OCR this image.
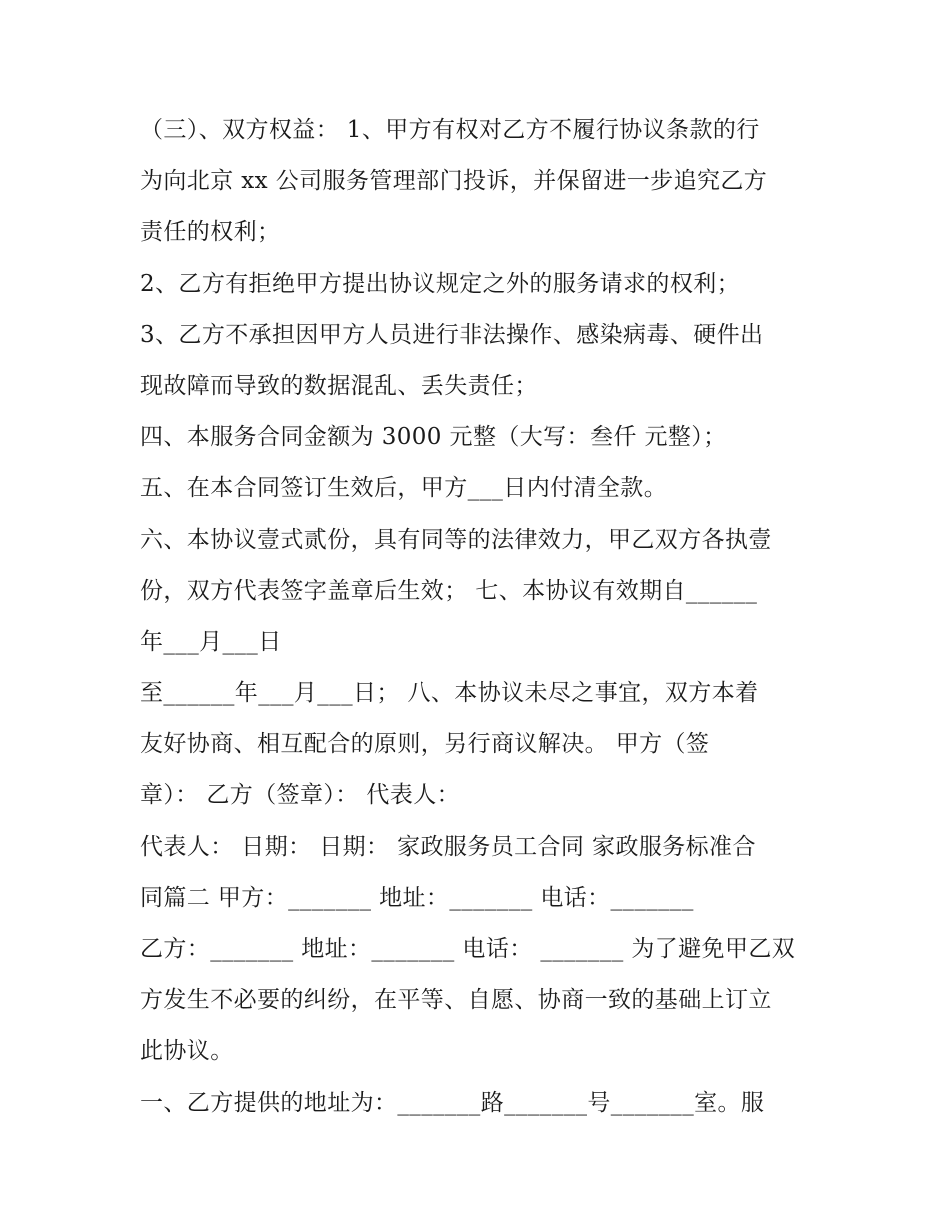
（三）、双方权益： 1、甲方有权对乙方不履行协议条款的行
为向北京 xx 公司服务管理部门投诉，并保留进一步追究乙方
责任的权利；
2、乙方有拒绝甲方提出协议规定之外的服务请求的权利；
3、乙方不承担因甲方人员进行非法操作、感染病毒、硬件出
现故障而导致的数据混乱、丢失责任；
四、本服务合同金额为 3000 元整（大写：叁仟 元整）；
五、在本合同签订生效后，甲方___日内付清全款。
六、本协议壹式贰份，具有同等的法律效力，甲乙双方各执壹
份，双方代表签字盖章后生效； 七、本协议有效期自______
年___月___日
至______年___月___日； 八、本协议未尽之事宜，双方本着
友好协商、相互配合的原则，另行商议解决。 甲方（签
章）： 乙方（签章）： 代表人：
代表人： 日期： 日期： 家政服务员工合同 家政服务标准合
同篇二 甲方：_______ 地址：_______ 电话：_______
乙方：_______ 地址：_______ 电话： _______ 为了避免甲乙双
方发生不必要的纠纷，在平等、自愿、协商一致的基础上订立
此协议。
一、乙方提供的地址为：_______路_______号_______室。服
